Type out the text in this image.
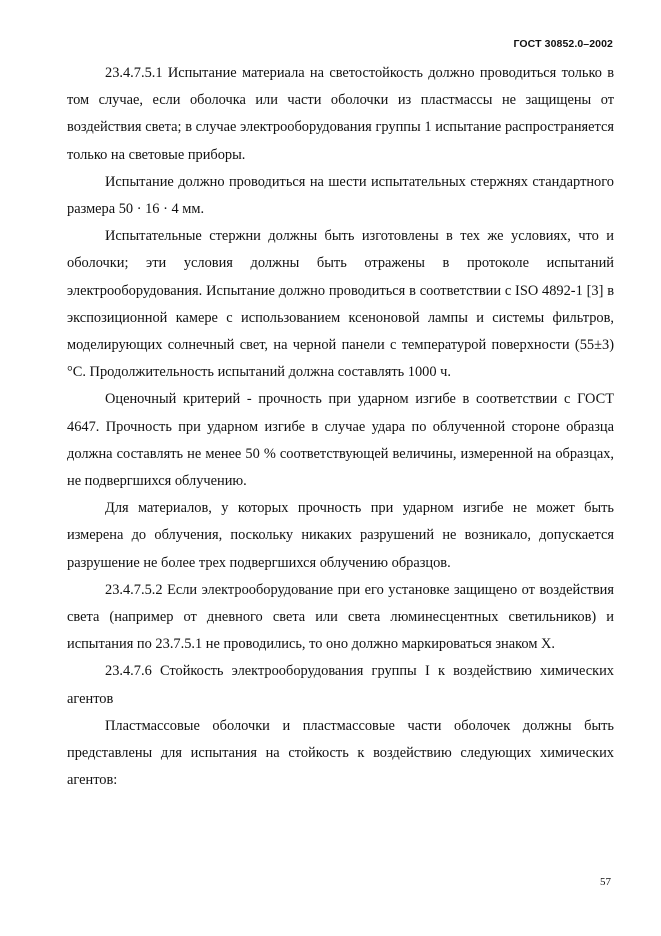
ГОСТ 30852.0–2002

23.4.7.5.1 Испытание материала на светостойкость должно проводиться только в том случае, если оболочка или части оболочки из пластмассы не защищены от воздействия света; в случае электрооборудования группы 1 испытание распространяется только на световые приборы.

Испытание должно проводиться на шести испытательных стержнях стандартного размера 50 · 16 · 4 мм.

Испытательные стержни должны быть изготовлены в тех же условиях, что и оболочки; эти условия должны быть отражены в протоколе испытаний электрооборудования. Испытание должно проводиться в соответствии с ISO 4892-1 [3] в экспозиционной камере с использованием ксеноновой лампы и системы фильтров, моделирующих солнечный свет, на черной панели с температурой поверхности (55±3) °С. Продолжительность испытаний должна составлять 1000 ч.

Оценочный критерий - прочность при ударном изгибе в соответствии с ГОСТ 4647. Прочность при ударном изгибе в случае удара по облученной стороне образца должна составлять не менее 50 % соответствующей величины, измеренной на образцах, не подвергшихся облучению.

Для материалов, у которых прочность при ударном изгибе не может быть измерена до облучения, поскольку никаких разрушений не возникало, допускается разрушение не более трех подвергшихся облучению образцов.

23.4.7.5.2 Если электрооборудование при его установке защищено от воздействия света (например от дневного света или света люминесцентных светильников) и испытания по 23.7.5.1 не проводились, то оно должно маркироваться знаком X.

23.4.7.6 Стойкость электрооборудования группы I к воздействию химических агентов

Пластмассовые оболочки и пластмассовые части оболочек должны быть представлены для испытания на стойкость к воздействию следующих химических агентов:

57
